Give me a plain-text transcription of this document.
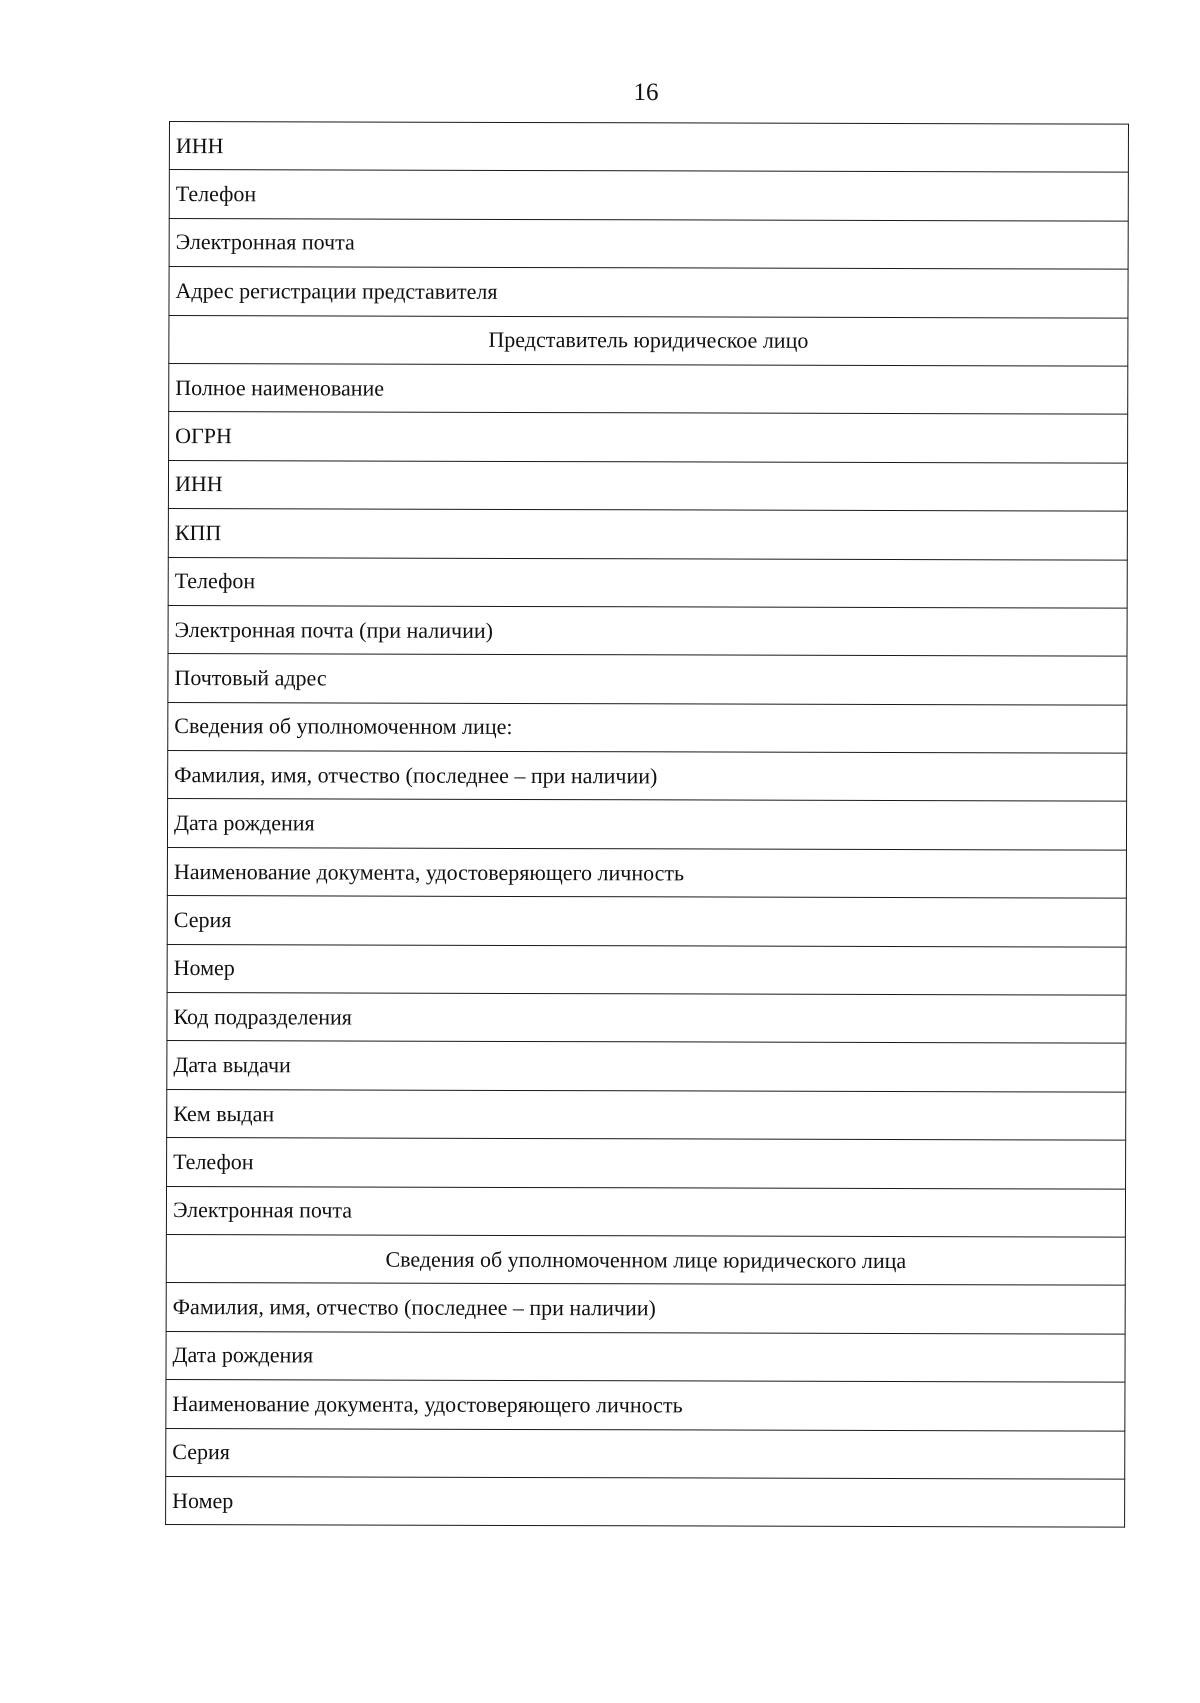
16
ИНН
Телефон
Электронная почта
Адрес регистрации представителя
Представитель юридическое лицо
Полное наименование
ОГРН
ИНН
КПП
Телефон
Электронная почта (при наличии)
Почтовый адрес
Сведения об уполномоченном лице:
Фамилия, имя, отчество (последнее – при наличии)
Дата рождения
Наименование документа, удостоверяющего личность
Серия
Номер
Код подразделения
Дата выдачи
Кем выдан
Телефон
Электронная почта
Сведения об уполномоченном лице юридического лица
Фамилия, имя, отчество (последнее – при наличии)
Дата рождения
Наименование документа, удостоверяющего личность
Серия
Номер
